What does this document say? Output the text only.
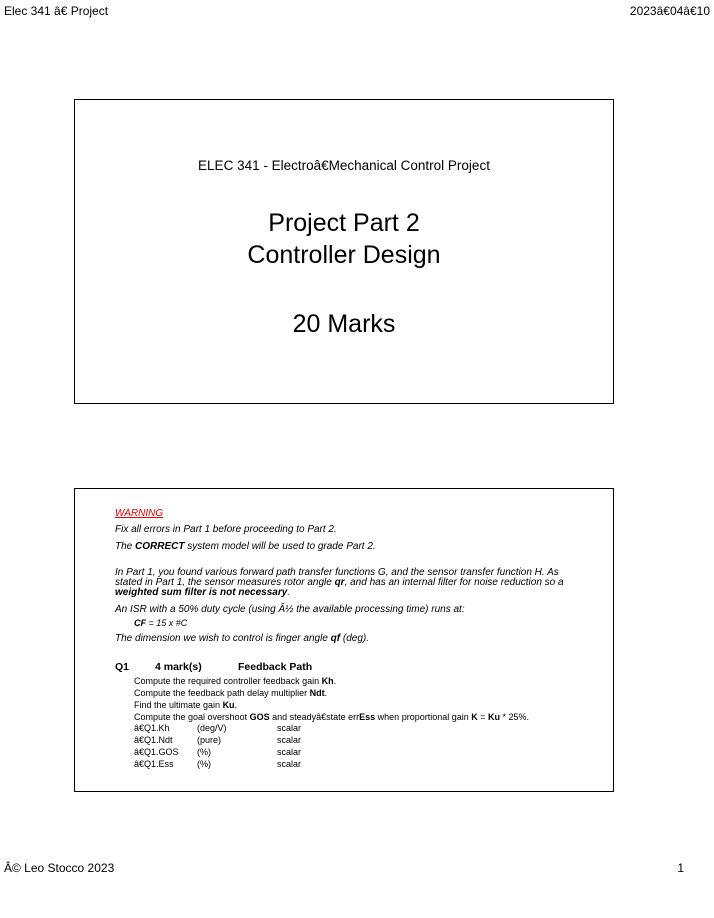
Elec 341 â€ Project	2023â€04â€10
ELEC 341 - Electroâ€Mechanical Control Project
Project Part 2
Controller Design
20 Marks
WARNING
Fix all errors in Part 1 before proceeding to Part 2.
The CORRECT system model will be used to grade Part 2.
In Part 1, you found various forward path transfer functions G, and the sensor transfer function H. As stated in Part 1, the sensor measures rotor angle qr, and has an internal filter for noise reduction so a weighted sum filter is not necessary.
An ISR with a 50% duty cycle (using Â½ the available processing time) runs at:
CF = 15 x #C
The dimension we wish to control is finger angle qf (deg).
Q1 4 mark(s)	Feedback Path
Compute the required controller feedback gain Kh.
Compute the feedback path delay multiplier Ndt.
Find the ultimate gain Ku.
Compute the goal overshoot GOS and steadyâ€state errEss when proportional gain K = Ku * 25%.
â€Q1.Kh	(deg/V)	scalar
â€Q1.Ndt	(pure)	scalar
â€Q1.GOS (%)	scalar
â€Q1.Ess	(%)	scalar
Â© Leo Stocco 2023	1
